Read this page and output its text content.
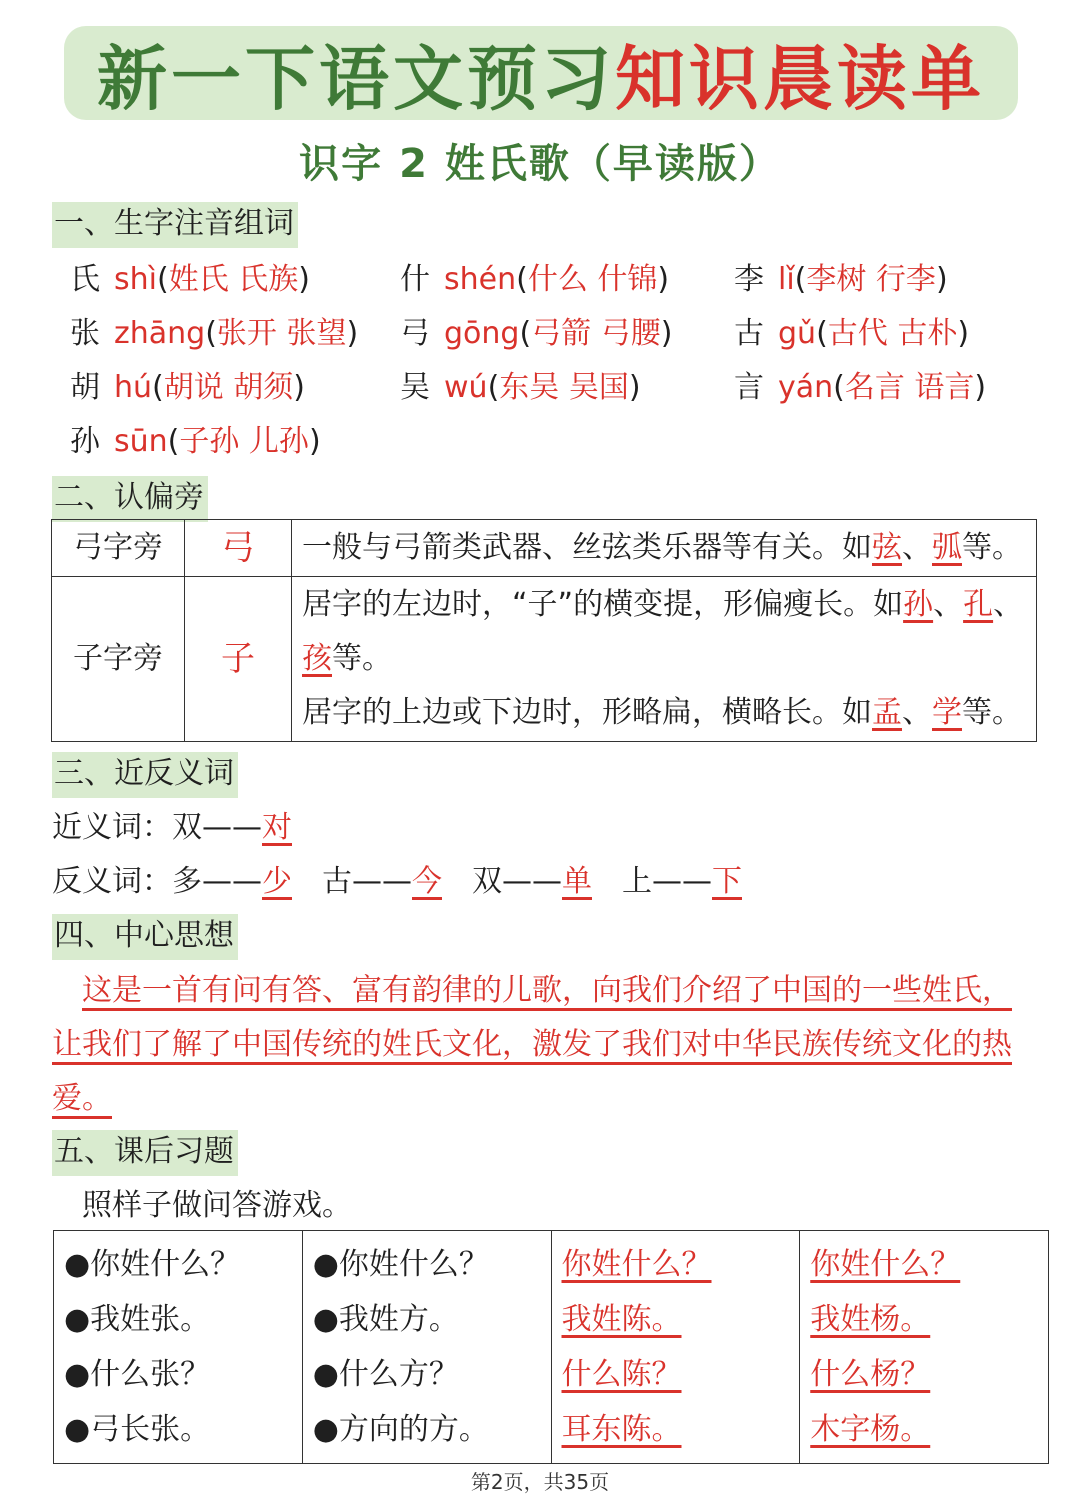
新一下语文预习 知识晨读单
识字 2 姓氏歌（早读版）
一、生字注音组词
氏 shì(姓氏 氏族)	什 shén(什么 什锦) 李 lǐ(李树 行李)
张 zhāng(张开 张望) 弓 gōng(弓箭 弓腰) 古 gǔ(古代 古朴)
胡 hú(胡说 胡须)	吴 wú(东吴 吴国)	言 yán(名言 语言)
孙 sūn(子孙 儿孙)
二、认偏旁
弓字旁	弓	一般与弓箭类武器、丝弦类乐器等有关。如弦、弧等。
子字旁	子	居字的左边时，“子”的横变提，形偏瘦长。如孙、孔、
孩等。
居字的上边或下边时，形略扁，横略长。如孟、学等。
三、近反义词
近义词：双——对
反义词：多——少 古——今 双——单 上——下
四、中心思想
这是一首有问有答、富有韵律的儿歌，向我们介绍了中国的一些姓氏，
让我们了解了中国传统的姓氏文化，激发了我们对中华民族传统文化的热
爱。
五、课后习题
照样子做问答游戏。
●你姓什么？
●我姓张。
●什么张？
●弓长张。

●你姓什么？
●我姓方。
●什么方？
●方向的方。

你姓什么？
我姓陈。
什么陈？
耳东陈。

你姓什么？
我姓杨。
什么杨？
木字杨。
第2页，共35页
